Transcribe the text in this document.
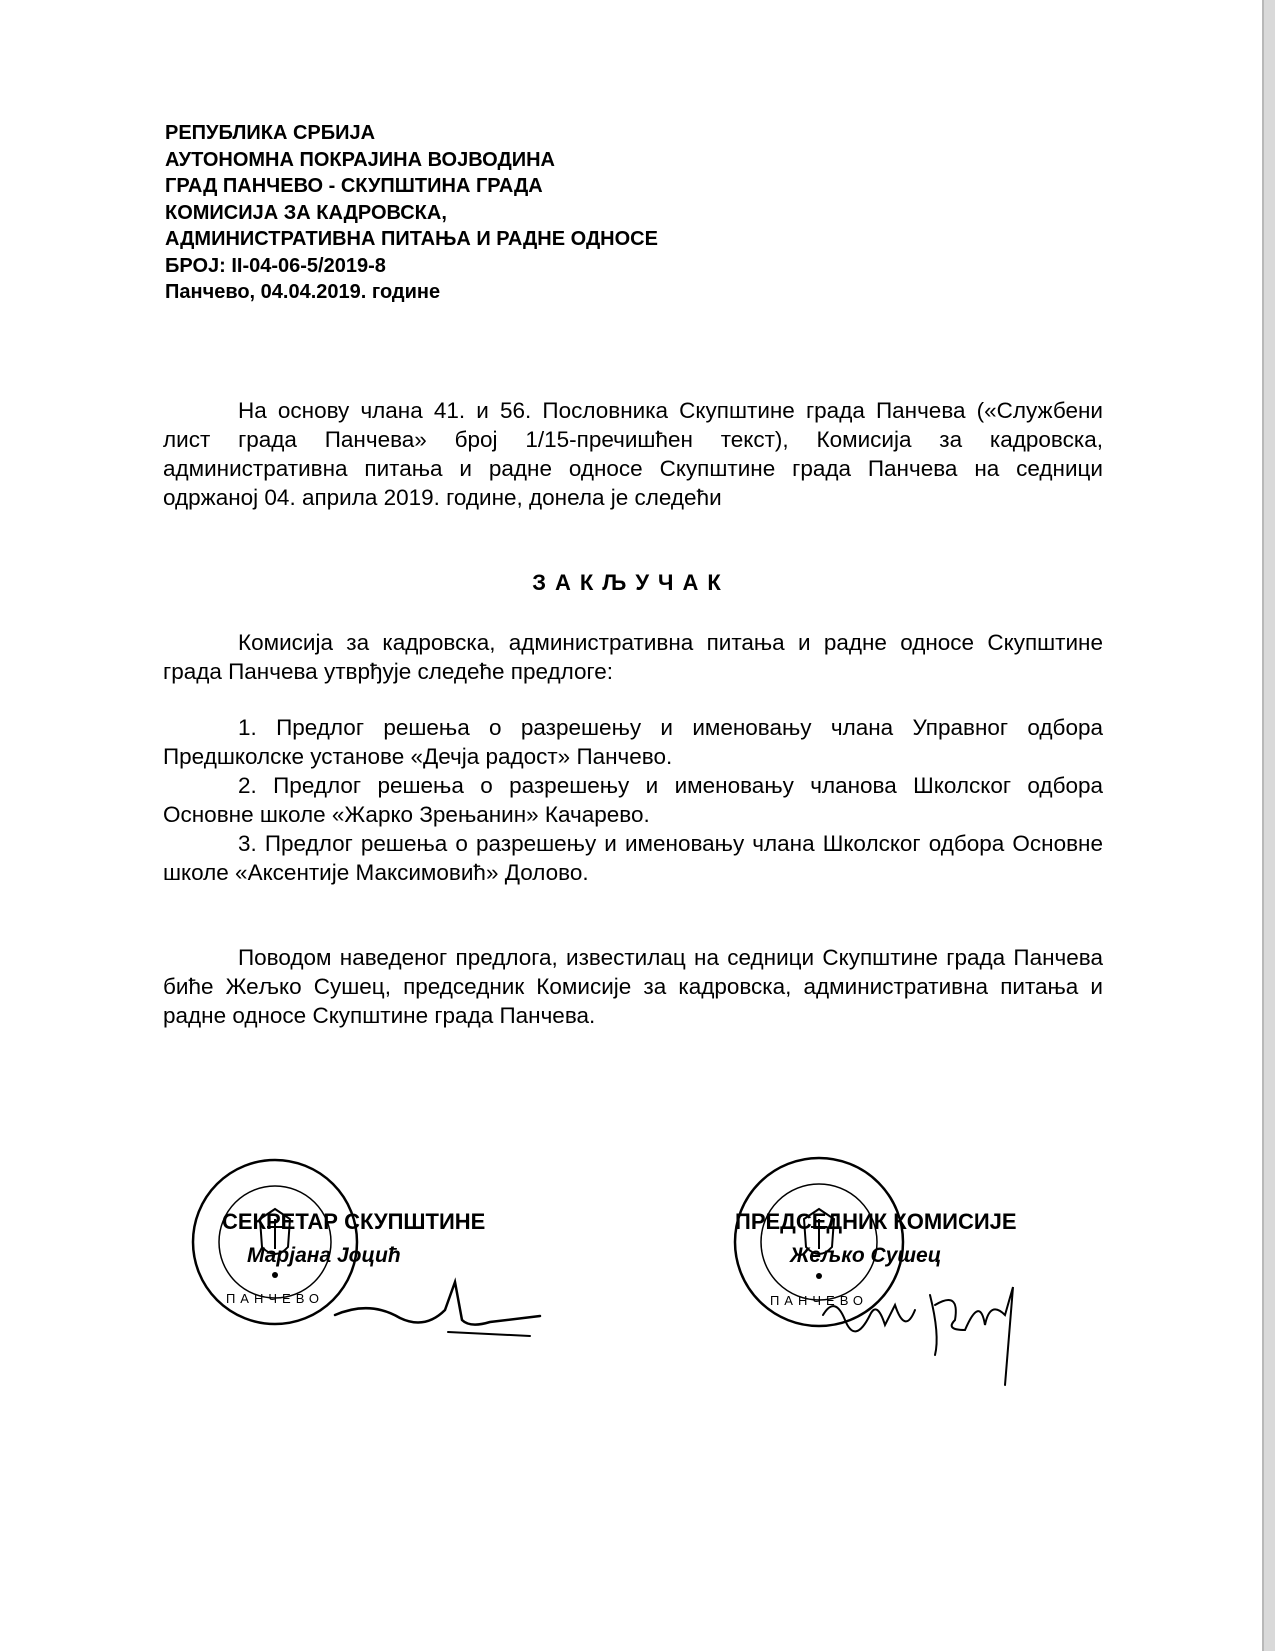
РЕПУБЛИКА СРБИЈА
АУТОНОМНА ПОКРАЈИНА ВОЈВОДИНА
ГРАД ПАНЧЕВО - СКУПШТИНА ГРАДА
КОМИСИЈА ЗА КАДРОВСКА,
АДМИНИСТРАТИВНА ПИТАЊА И РАДНЕ ОДНОСЕ
БРОЈ: II-04-06-5/2019-8
Панчево, 04.04.2019. године
На основу члана 41. и 56. Пословника Скупштине града Панчева («Службени лист града Панчева» број 1/15-пречишћен текст), Комисија за кадровска, административна питања и радне односе Скупштине града Панчева на седници одржаној 04. априла 2019. године, донела је следећи
ЗАКЉУЧАК
Комисија за кадровска, административна питања и радне односе Скупштине града Панчева утврђује следеће предлоге:
1. Предлог решења о разрешењу и именовању члана Управног одбора Предшколске установе «Дечја радост» Панчево.
2. Предлог решења о разрешењу и именовању чланова Школског одбора Основне школе «Жарко Зрењанин» Качарево.
3. Предлог решења о разрешењу и именовању члана Школског одбора Основне школе «Аксентије Максимовић» Долово.
Поводом наведеног предлога, известилац на седници Скупштине града Панчева биће Жељко Сушец, председник Комисије за кадровска, административна питања и радне односе Скупштине града Панчева.
ПАНЧЕВО
СЕКРЕТАР СКУПШТИНЕ
Марјана Јоцић
ПАНЧЕВО
ПРЕДСЕДНИК КОМИСИЈЕ
Жељко Сушец
